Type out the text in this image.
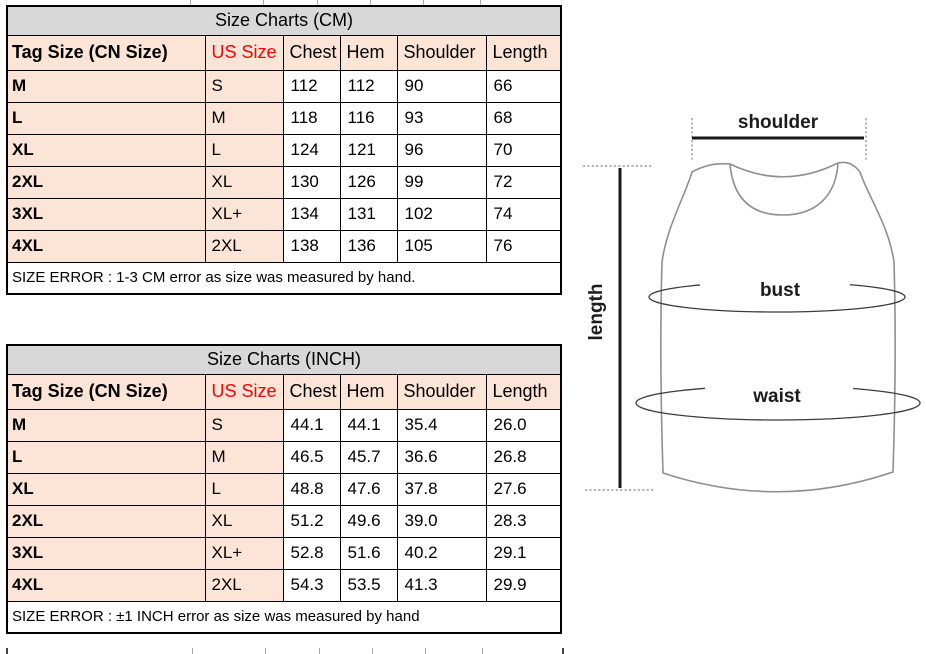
Size Charts (CM)					
Tag Size (CN Size)	US Size	Chest	Hem	Shoulder	Length
M	S	112	112	90	66
L	M	118	116	93	68
XL	L	124	121	96	70
2XL	XL	130	126	99	72
3XL	XL+	134	131	102	74
4XL	2XL	138	136	105	76
SIZE ERROR : 1-3 CM error as size was measured by hand.					
Size Charts (INCH)					
Tag Size (CN Size)	US Size	Chest	Hem	Shoulder	Length
M	S	44.1	44.1	35.4	26.0
L	M	46.5	45.7	36.6	26.8
XL	L	48.8	47.6	37.8	27.6
2XL	XL	51.2	49.6	39.0	28.3
3XL	XL+	52.8	51.6	40.2	29.1
4XL	2XL	54.3	53.5	41.3	29.9
SIZE ERROR : ±1 INCH error as size was measured by hand					
shoulder
length	bust
waist
